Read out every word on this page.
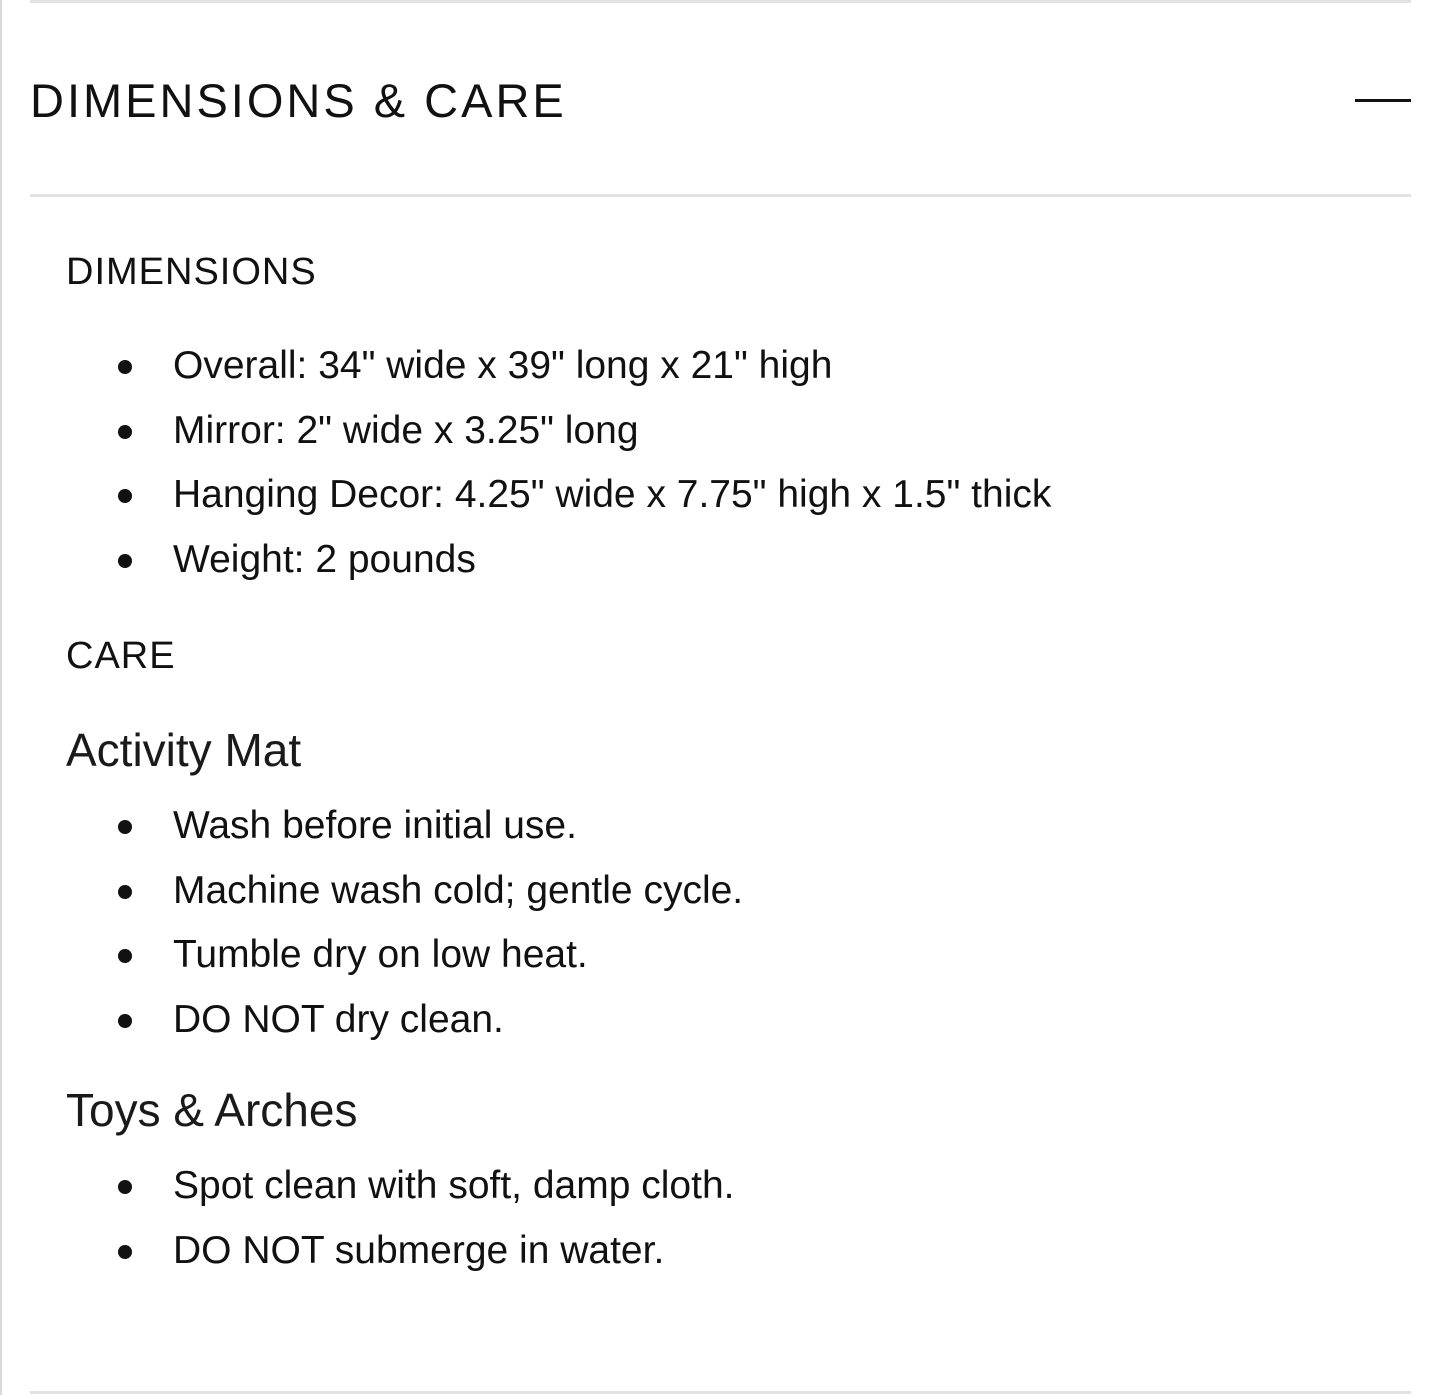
DIMENSIONS & CARE
DIMENSIONS
Overall: 34" wide x 39" long x 21" high
Mirror: 2" wide x 3.25" long
Hanging Decor: 4.25" wide x 7.75" high x 1.5" thick
Weight: 2 pounds
CARE
Activity Mat
Wash before initial use.
Machine wash cold; gentle cycle.
Tumble dry on low heat.
DO NOT dry clean.
Toys & Arches
Spot clean with soft, damp cloth.
DO NOT submerge in water.
